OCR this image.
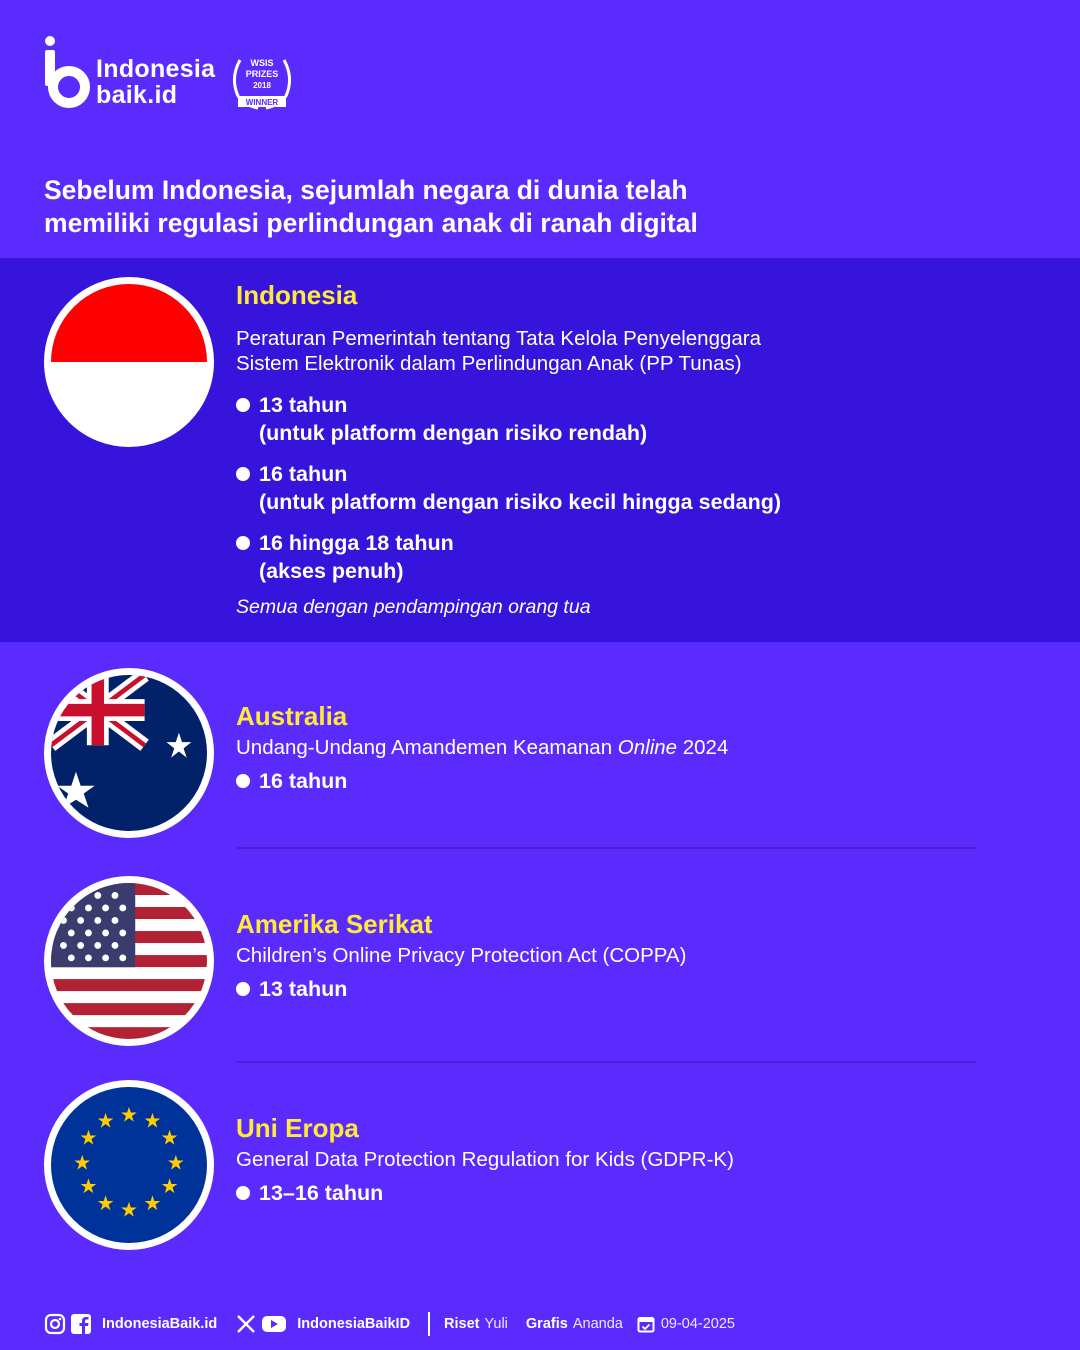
Indonesia
baik.id
WSIS
PRIZES
2018
WINNER
Sebelum Indonesia, sejumlah negara di dunia telah memiliki regulasi perlindungan anak di ranah digital
Indonesia
Peraturan Pemerintah tentang Tata Kelola Penyelenggara Sistem Elektronik dalam Perlindungan Anak (PP Tunas)
13 tahun
(untuk platform dengan risiko rendah)
16 tahun
(untuk platform dengan risiko kecil hingga sedang)
16 hingga 18 tahun
(akses penuh)
Semua dengan pendampingan orang tua
Australia
Undang-Undang Amandemen Keamanan Online 2024
16 tahun
Amerika Serikat
Children’s Online Privacy Protection Act (COPPA)
13 tahun
★ ★
★
★
★
★
★
★
★
★
★
★	Uni Eropa
General Data Protection Regulation for Kids (GDPR-K)
13–16 tahun
IndonesiaBaik.id	IndonesiaBaikID Riset Yuli Grafis Ananda	09-04-2025
